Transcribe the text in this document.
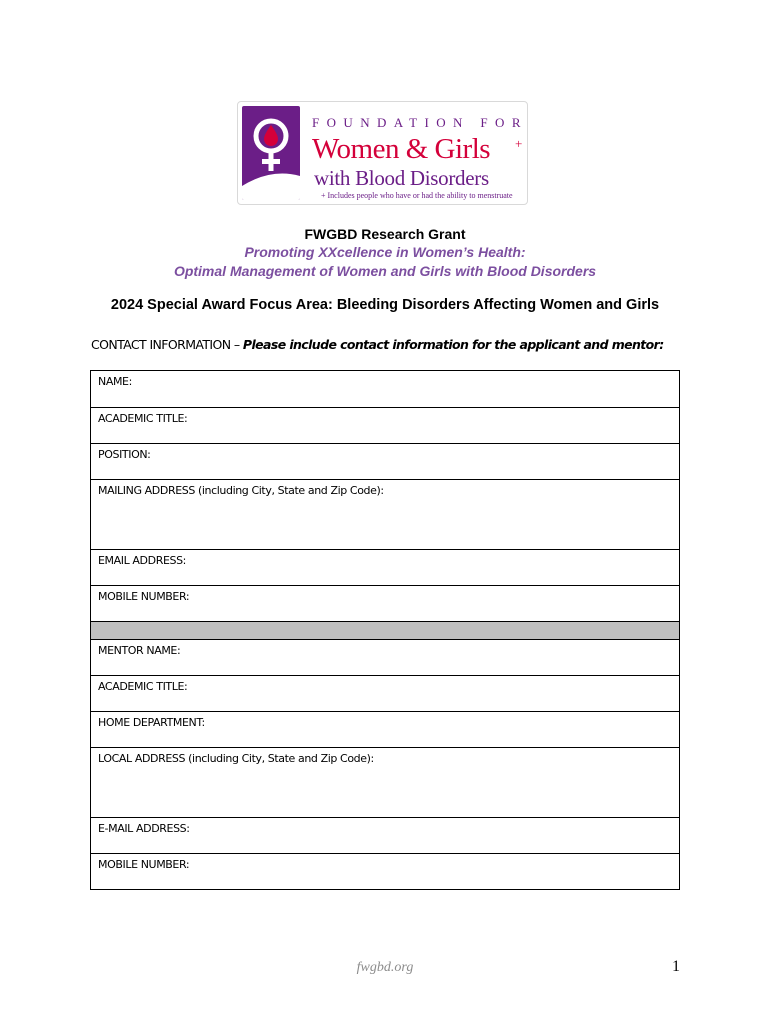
FOUNDATION FOR
Women & Girls +
with Blood Disorders
+ Includes people who have or had the ability to menstruate
FWGBD Research Grant
Promoting XXcellence in Women’s Health:
Optimal Management of Women and Girls with Blood Disorders
2024 Special Award Focus Area: Bleeding Disorders Affecting Women and Girls
CONTACT INFORMATION – Please include contact information for the applicant and mentor:
NAME:
ACADEMIC TITLE:
POSITION:
MAILING ADDRESS (including City, State and Zip Code):
EMAIL ADDRESS:
MOBILE NUMBER:
MENTOR NAME:
ACADEMIC TITLE:
HOME DEPARTMENT:
LOCAL ADDRESS (including City, State and Zip Code):
E-MAIL ADDRESS:
MOBILE NUMBER:
fwgbd.org	1
